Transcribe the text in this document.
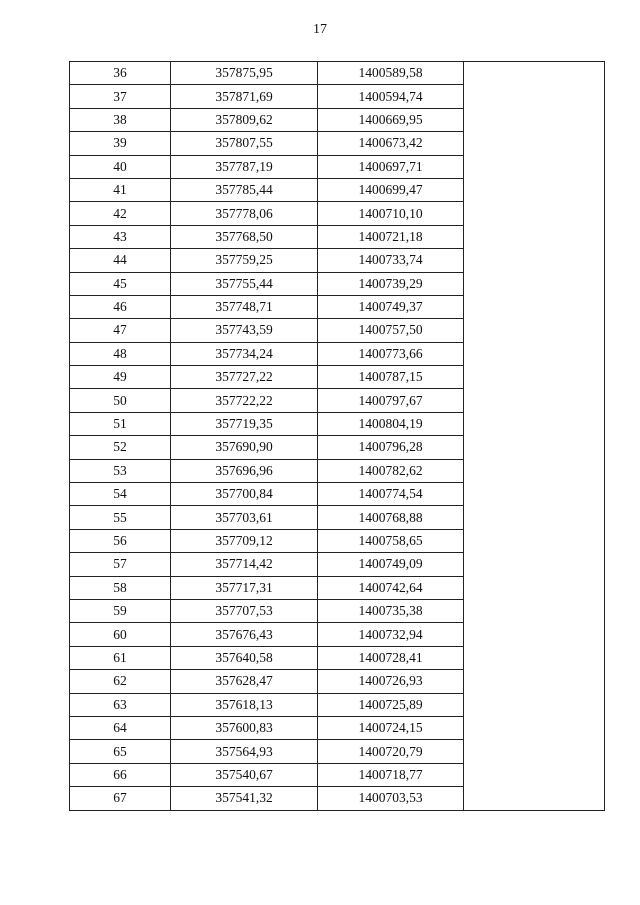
17
36	357875,95	1400589,58	
37	357871,69	1400594,74	
38	357809,62	1400669,95	
39	357807,55	1400673,42	
40	357787,19	1400697,71	
41	357785,44	1400699,47	
42	357778,06	1400710,10	
43	357768,50	1400721,18	
44	357759,25	1400733,74	
45	357755,44	1400739,29	
46	357748,71	1400749,37	
47	357743,59	1400757,50	
48	357734,24	1400773,66	
49	357727,22	1400787,15	
50	357722,22	1400797,67	
51	357719,35	1400804,19	
52	357690,90	1400796,28	
53	357696,96	1400782,62	
54	357700,84	1400774,54	
55	357703,61	1400768,88	
56	357709,12	1400758,65	
57	357714,42	1400749,09	
58	357717,31	1400742,64	
59	357707,53	1400735,38	
60	357676,43	1400732,94	
61	357640,58	1400728,41	
62	357628,47	1400726,93	
63	357618,13	1400725,89	
64	357600,83	1400724,15	
65	357564,93	1400720,79	
66	357540,67	1400718,77	
67	357541,32	1400703,53	
